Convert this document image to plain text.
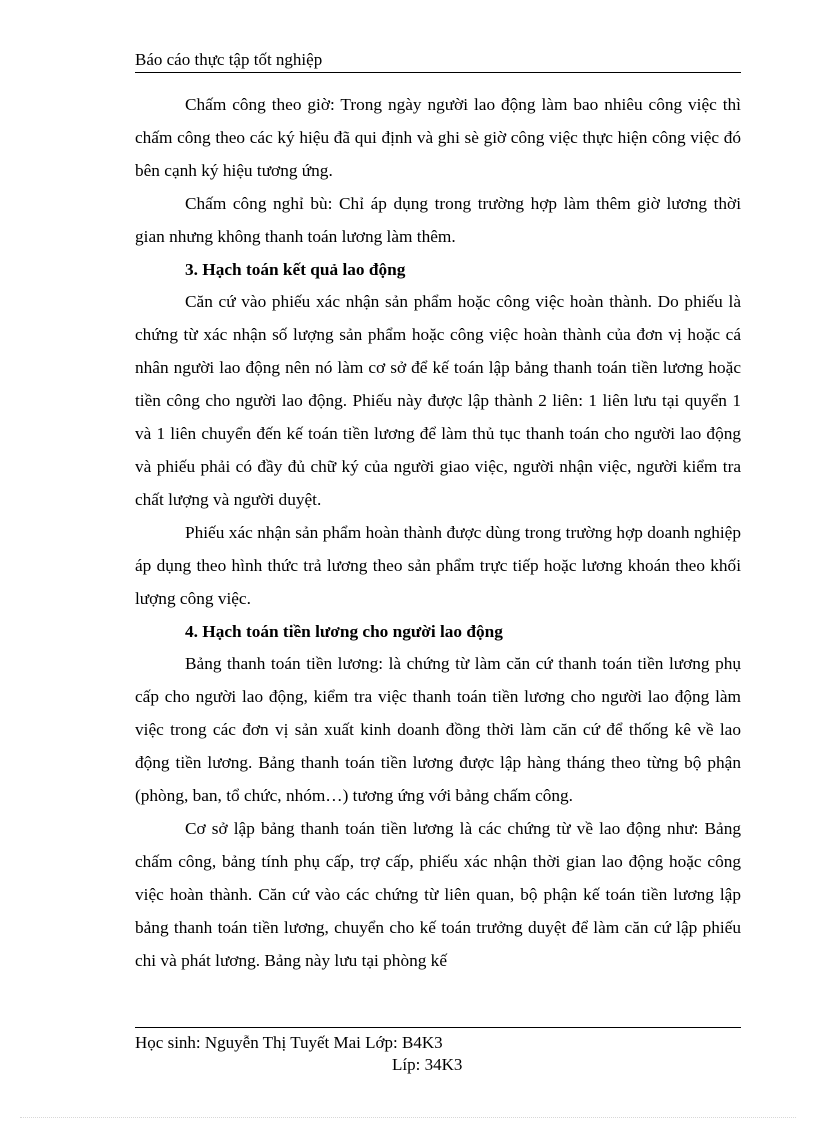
Báo cáo thực tập tốt nghiệp

Chấm công theo giờ: Trong ngày người lao động làm bao nhiêu công việc thì chấm công theo các ký hiệu đã qui định và ghi sè giờ công việc thực hiện công việc đó bên cạnh ký hiệu tương ứng.

Chấm công nghỉ bù: Chỉ áp dụng trong trường hợp làm thêm giờ lương thời gian nhưng không thanh toán lương làm thêm.

3. Hạch toán kết quả lao động

Căn cứ vào phiếu xác nhận sản phẩm hoặc công việc hoàn thành. Do phiếu là chứng từ xác nhận số lượng sản phẩm hoặc công việc hoàn thành của đơn vị hoặc cá nhân người lao động nên nó làm cơ sở để kế toán lập bảng thanh toán tiền lương hoặc tiền công cho người lao động. Phiếu này được lập thành 2 liên: 1 liên lưu tại quyển 1 và 1 liên chuyển đến kế toán tiền lương để làm thủ tục thanh toán cho người lao động và phiếu phải có đầy đủ chữ ký của người giao việc, người nhận việc, người kiểm tra chất lượng và người duyệt.

Phiếu xác nhận sản phẩm hoàn thành được dùng trong trường hợp doanh nghiệp áp dụng theo hình thức trả lương theo sản phẩm trực tiếp hoặc lương khoán theo khối lượng công việc.

4. Hạch toán tiền lương cho người lao động

Bảng thanh toán tiền lương: là chứng từ làm căn cứ thanh toán tiền lương phụ cấp cho người lao động, kiểm tra việc thanh toán tiền lương cho người lao động làm việc trong các đơn vị sản xuất kinh doanh đồng thời làm căn cứ để thống kê về lao động tiền lương. Bảng thanh toán tiền lương được lập hàng tháng theo từng bộ phận (phòng, ban, tổ chức, nhóm…) tương ứng với bảng chấm công.

Cơ sở lập bảng thanh toán tiền lương là các chứng từ về lao động như: Bảng chấm công, bảng tính phụ cấp, trợ cấp, phiếu xác nhận thời gian lao động hoặc công việc hoàn thành. Căn cứ vào các chứng từ liên quan, bộ phận kế toán tiền lương lập bảng thanh toán tiền lương, chuyển cho kế toán trưởng duyệt để làm căn cứ lập phiếu chi và phát lương. Bảng này lưu tại phòng kế

Học sinh: Nguyễn Thị Tuyết Mai Lớp: B4K3
Líp: 34K3
